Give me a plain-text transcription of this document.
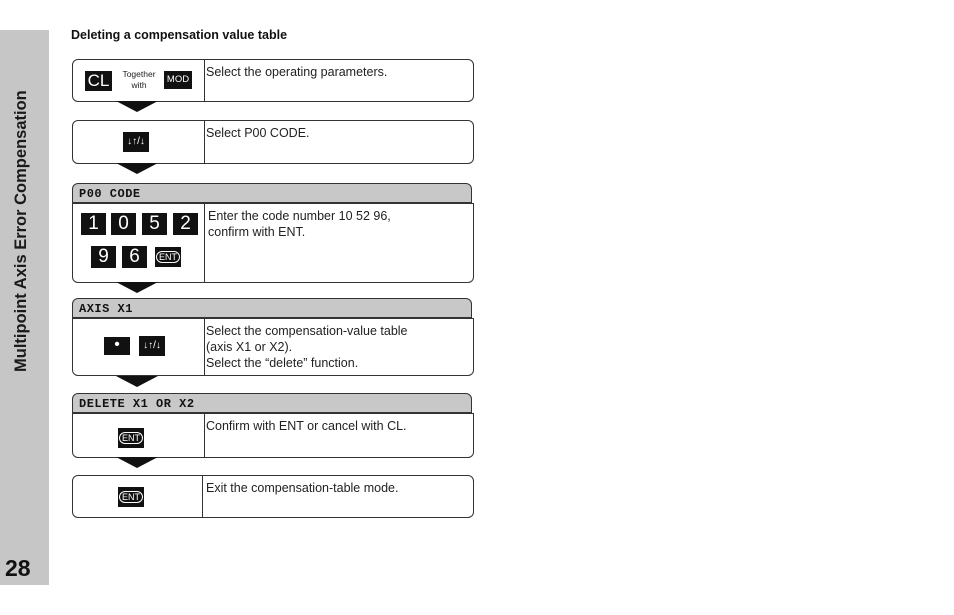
Multipoint Axis Error Compensation
28
Deleting a compensation value table
CL	Together
with	MOD
Select the operating parameters.
↓↑/↓
Select P00 CODE.
P00 CODE
1	0	5	2
9	6	ENT
Enter the code number 10 52 96,
confirm with ENT.
AXIS X1
•	↓↑/↓
Select the compensation-value table
(axis X1 or X2).
Select the “delete” function.
DELETE X1 OR X2
ENT
Confirm with ENT or cancel with CL.
ENT
Exit the compensation-table mode.
